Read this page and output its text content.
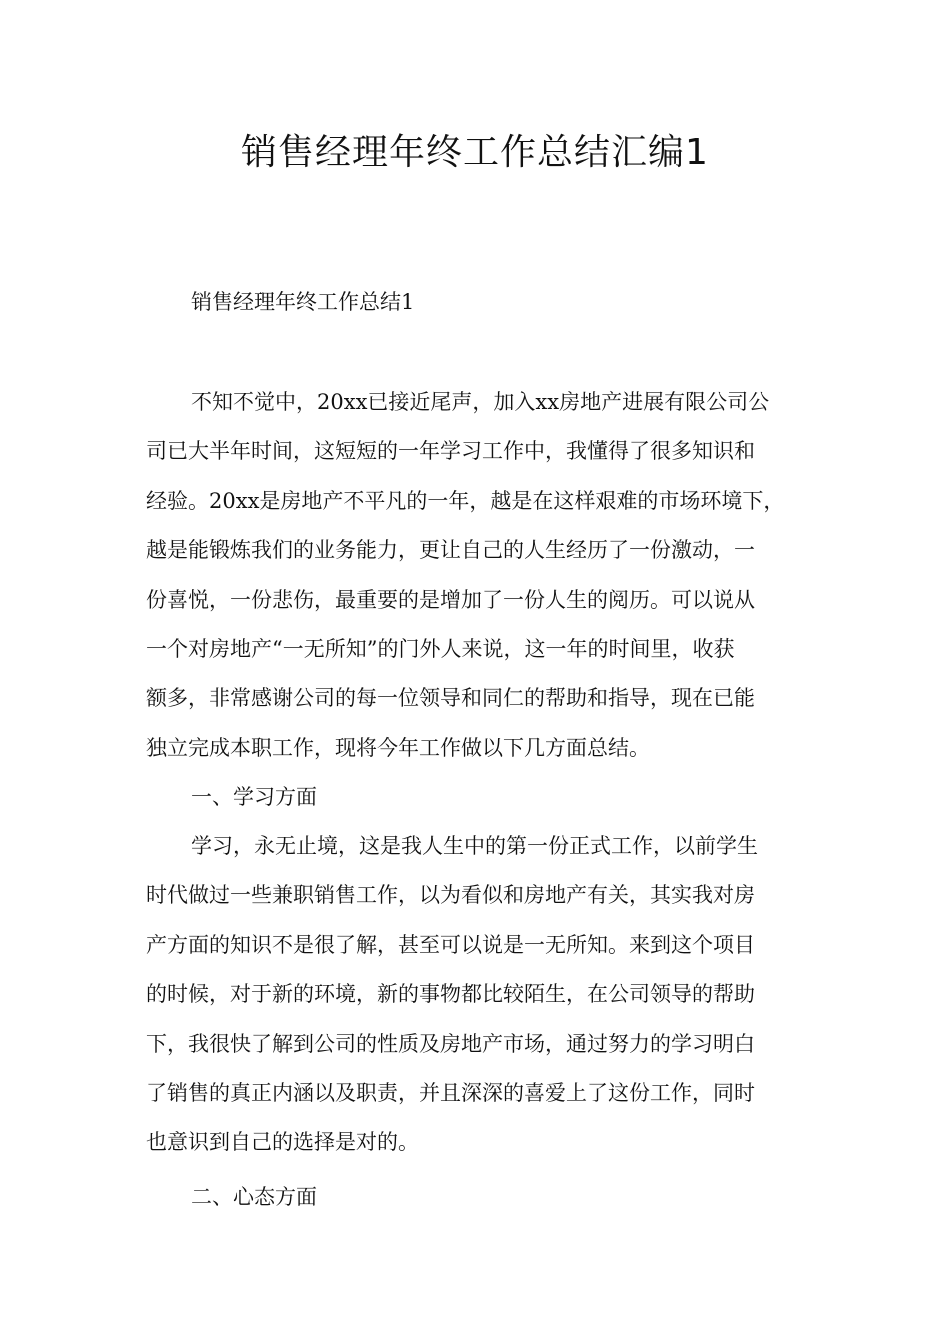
销售经理年终工作总结汇编1

销售经理年终工作总结1

不知不觉中，20xx已接近尾声，加入xx房地产进展有限公司公
司已大半年时间，这短短的一年学习工作中，我懂得了很多知识和
经验。20xx是房地产不平凡的一年，越是在这样艰难的市场环境下，
越是能锻炼我们的业务能力，更让自己的人生经历了一份激动，一
份喜悦，一份悲伤，最重要的是增加了一份人生的阅历。可以说从
一个对房地产“一无所知”的门外人来说，这一年的时间里，收获
额多，非常感谢公司的每一位领导和同仁的帮助和指导，现在已能
独立完成本职工作，现将今年工作做以下几方面总结。

一、学习方面

学习，永无止境，这是我人生中的第一份正式工作，以前学生
时代做过一些兼职销售工作，以为看似和房地产有关，其实我对房
产方面的知识不是很了解，甚至可以说是一无所知。来到这个项目
的时候，对于新的环境，新的事物都比较陌生，在公司领导的帮助
下，我很快了解到公司的性质及房地产市场，通过努力的学习明白
了销售的真正内涵以及职责，并且深深的喜爱上了这份工作，同时
也意识到自己的选择是对的。

二、心态方面
